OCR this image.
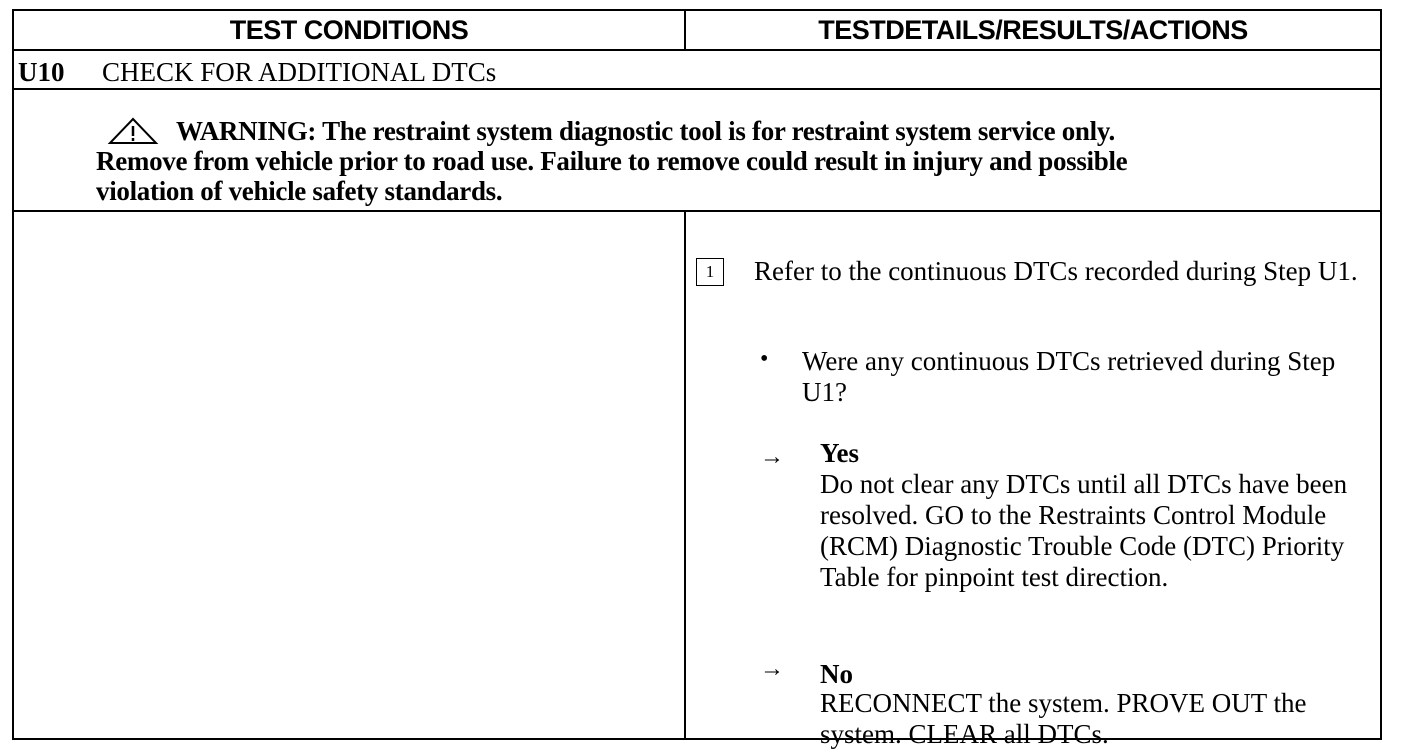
TEST CONDITIONS	TESTDETAILS/RESULTS/ACTIONS
U10 CHECK FOR ADDITIONAL DTCs
WARNING: The restraint system diagnostic tool is for restraint system service only.
Remove from vehicle prior to road use. Failure to remove could result in injury and possible
violation of vehicle safety standards.
1	Refer to the continuous DTCs recorded during Step U1.
• Were any continuous DTCs retrieved during Step U1?
→ Yes
Do not clear any DTCs until all DTCs have been resolved. GO to the Restraints Control Module (RCM) Diagnostic Trouble Code (DTC) Priority Table for pinpoint test direction.
→ No
RECONNECT the system. PROVE OUT the system. CLEAR all DTCs.
